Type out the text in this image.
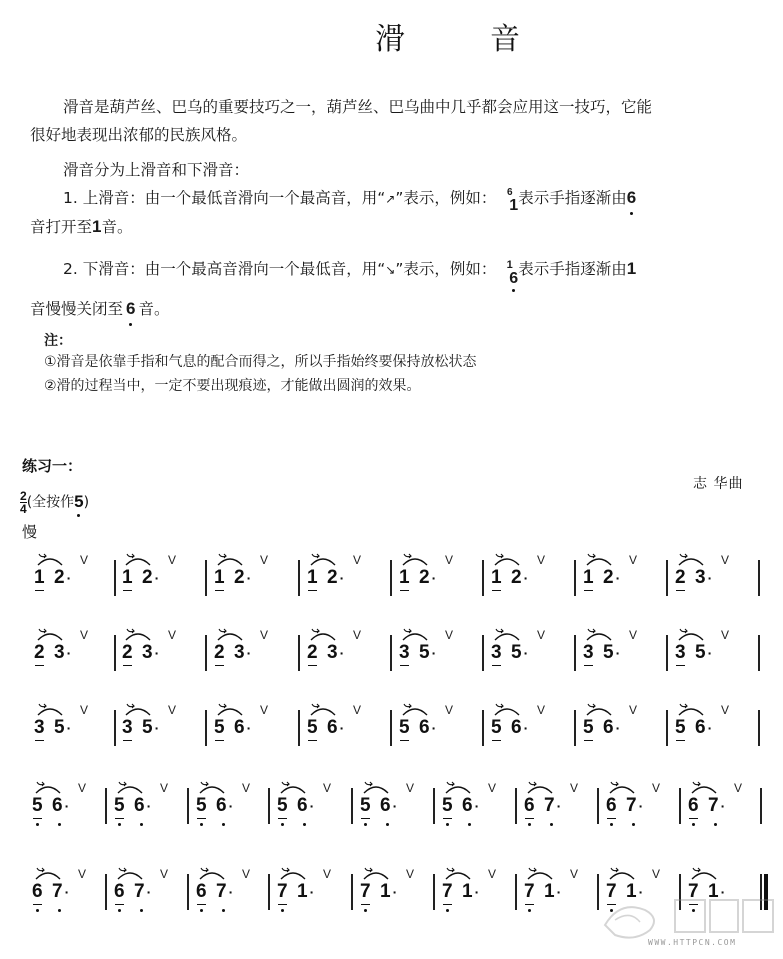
滑	音
滑音是葫芦丝、巴乌的重要技巧之一，葫芦丝、巴乌曲中几乎都会应用这一技巧，它能
很好地表现出浓郁的民族风格。
滑音分为上滑音和下滑音：
1. 上滑音：由一个最低音滑向一个最高音，用“↗”表示，例如：	6
1 表示手指逐渐由6
音打开至1音。
2. 下滑音：由一个最高音滑向一个最低音，用“↘”表示，例如： 1
6
表示手指逐渐由1
音慢慢关闭至 6 音。
注：
①滑音是依靠手指和气息的配合而得之，所以手指始终要保持放松状态
②滑的过程当中，一定不要出现痕迹，才能做出圆润的效果。
练习一：
志 华曲
$\frac{2}{4}$ (全按作5)
慢
1 2 ·
V
1 2 ·
V
1 2 ·
V
1 2 ·
V
1 2 ·
V
1 2 ·
V
1 2 ·
V
2 3 ·
V
2 3 ·
V
2 3 ·
V
2 3 ·
V
2 3 ·
V
3 5 ·
V
3 5 ·
V
3 5 ·
V
3 5 ·
V
3 5 ·
V
3 5 ·
V
5 6 ·
V
5 6 ·
V
5 6 ·
V
5 6 ·
V
5 6 ·
V
5 6 ·
V
5 6 ·
V
5 6 ·
V
5 6 ·
V
5 6 ·
V
5 6 ·
V
5 6 ·
V
6 7 ·
V
6 7 ·
V
6 7 ·
V
6 7 ·
V
6 7 ·
V
6 7 ·
V
7 1 ·
V
7 1 ·
V
7 1 ·
V
7 1 ·
V
7 1 ·
V
7 1 ·
WWW.HTTPCN.COM
